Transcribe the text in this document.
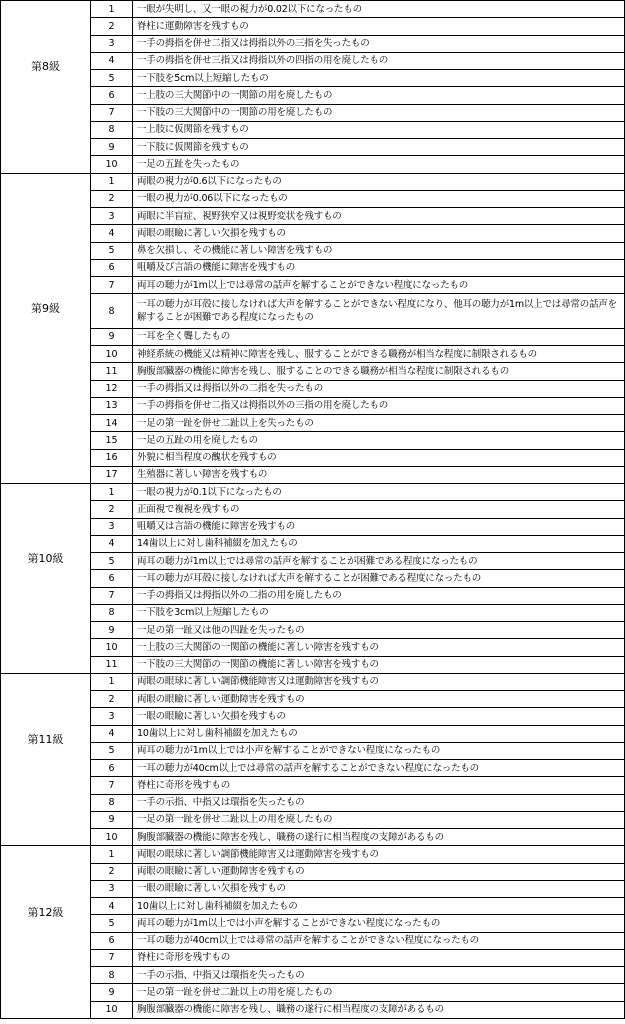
第8級	1	一眼が失明し、又一眼の視力が0.02以下になったもの
	2	脊柱に運動障害を残すもの
	3	一手の拇指を併せ二指又は拇指以外の三指を失ったもの
	4	一手の拇指を併せ三指又は拇指以外の四指の用を廃したもの
	5	一下肢を5cm以上短縮したもの
	6	一上肢の三大関節中の一関節の用を廃したもの
	7	一下肢の三大関節中の一関節の用を廃したもの
	8	一上肢に仮関節を残すもの
	9	一下肢に仮関節を残すもの
	10	一足の五趾を失ったもの
第9級	1	両眼の視力が0.6以下になったもの
	2	一眼の視力が0.06以下になったもの
	3	両眼に半盲症、視野狭窄又は視野変状を残すもの
	4	両眼の眼瞼に著しい欠損を残すもの
	5	鼻を欠損し、その機能に著しい障害を残すもの
	6	咀嚼及び言語の機能に障害を残すもの
	7	両耳の聴力が1m以上では尋常の話声を解することができない程度になったもの
	8	一耳の聴力が耳殻に接しなければ大声を解することができない程度になり、他耳の聴力が1m以上では尋常の話声を解することが困難である程度になったもの
	9	一耳を全く聾したもの
	10	神経系統の機能又は精神に障害を残し、服することができる職務が相当な程度に制限されるもの
	11	胸腹部臓器の機能に障害を残し、服することのできる職務が相当な程度に制限されるもの
	12	一手の拇指又は拇指以外の二指を失ったもの
	13	一手の拇指を併せ二指又は拇指以外の三指の用を廃したもの
	14	一足の第一趾を併せ二趾以上を失ったもの
	15	一足の五趾の用を廃したもの
	16	外貌に相当程度の醜状を残すもの
	17	生殖器に著しい障害を残すもの
第10級	1	一眼の視力が0.1以下になったもの
	2	正面視で複視を残すもの
	3	咀嚼又は言語の機能に障害を残すもの
	4	14歯以上に対し歯科補綴を加えたもの
	5	両耳の聴力が1m以上では尋常の話声を解することが困難である程度になったもの
	6	一耳の聴力が耳殻に接しなければ大声を解することが困難である程度になったもの
	7	一手の拇指又は拇指以外の二指の用を廃したもの
	8	一下肢を3cm以上短縮したもの
	9	一足の第一趾又は他の四趾を失ったもの
	10	一上肢の三大関節の一関節の機能に著しい障害を残すもの
	11	一下肢の三大関節の一関節の機能に著しい障害を残すもの
第11級	1	両眼の眼球に著しい調節機能障害又は運動障害を残すもの
	2	両眼の眼瞼に著しい運動障害を残すもの
	3	一眼の眼瞼に著しい欠損を残すもの
	4	10歯以上に対し歯科補綴を加えたもの
	5	両耳の聴力が1m以上では小声を解することができない程度になったもの
	6	一耳の聴力が40cm以上では尋常の話声を解することができない程度になったもの
	7	脊柱に奇形を残すもの
	8	一手の示指、中指又は環指を失ったもの
	9	一足の第一趾を併せ二趾以上の用を廃したもの
	10	胸腹部臓器の機能に障害を残し、職務の遂行に相当程度の支障があるもの
第12級	1	両眼の眼球に著しい調節機能障害又は運動障害を残すもの
	2	両眼の眼瞼に著しい運動障害を残すもの
	3	一眼の眼瞼に著しい欠損を残すもの
	4	10歯以上に対し歯科補綴を加えたもの
	5	両耳の聴力が1m以上では小声を解することができない程度になったもの
	6	一耳の聴力が40cm以上では尋常の話声を解することができない程度になったもの
	7	脊柱に奇形を残すもの
	8	一手の示指、中指又は環指を失ったもの
	9	一足の第一趾を併せ二趾以上の用を廃したもの
	10	胸腹部臓器の機能に障害を残し、職務の遂行に相当程度の支障があるもの
